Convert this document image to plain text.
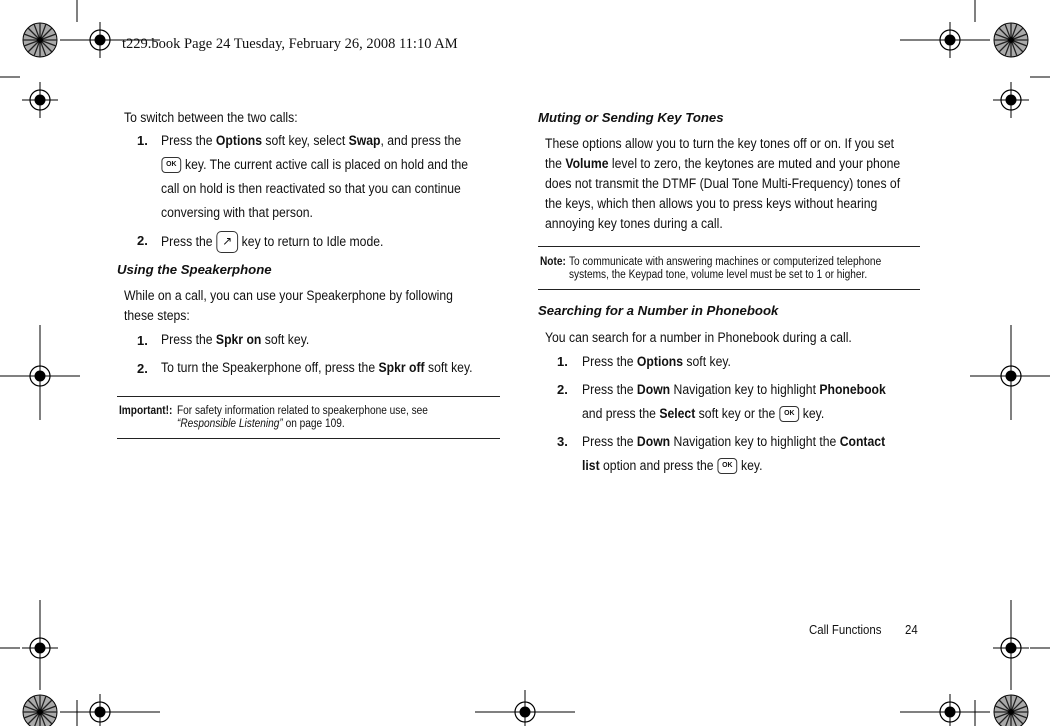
t229.book Page 24 Tuesday, February 26, 2008 11:10 AM
To switch between the two calls:
1. Press the Options soft key, select Swap, and press the
OK key. The current active call is placed on hold and the
call on hold is then reactivated so that you can continue
conversing with that person.
2. Press the ↗ key to return to Idle mode.
Using the Speakerphone
While on a call, you can use your Speakerphone by following
these steps:
1. Press the Spkr on soft key.
2. To turn the Speakerphone off, press the Spkr off soft key.
Important!: For safety information related to speakerphone use, see
“Responsible Listening” on page 109.
Muting or Sending Key Tones
These options allow you to turn the key tones off or on. If you set
the Volume level to zero, the keytones are muted and your phone
does not transmit the DTMF (Dual Tone Multi-Frequency) tones of
the keys, which then allows you to press keys without hearing
annoying key tones during a call.
Note: To communicate with answering machines or computerized telephone
systems, the Keypad tone, volume level must be set to 1 or higher.
Searching for a Number in Phonebook
You can search for a number in Phonebook during a call.
1. Press the Options soft key.
2. Press the Down Navigation key to highlight Phonebook
and press the Select soft key or the OK key.
3. Press the Down Navigation key to highlight the Contact
list option and press the OK key.
Call Functions 24
